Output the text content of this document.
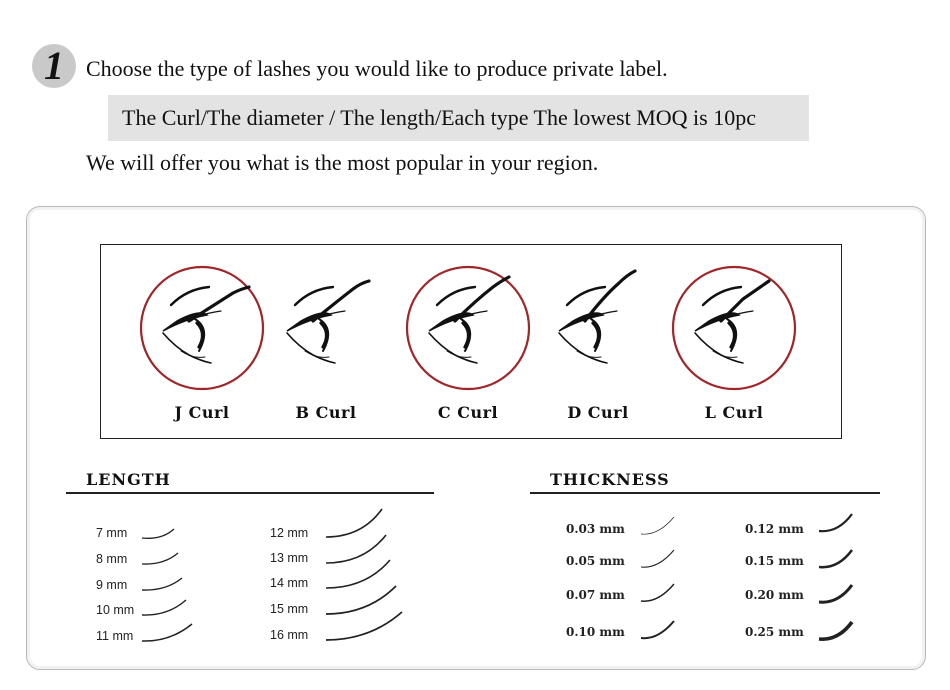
1	Choose the type of lashes you would like to produce private label.
The Curl/The diameter / The length/Each type The lowest MOQ is 10pc
We will offer you what is the most popular in your region.
J Curl	B Curl	C Curl	D Curl	L Curl
LENGTH
7 mm
8 mm
9 mm
10 mm
11 mm
12 mm
13 mm
14 mm
15 mm
16 mm
THICKNESS
0.03 mm
0.05 mm
0.07 mm
0.10 mm
0.12 mm
0.15 mm
0.20 mm
0.25 mm
